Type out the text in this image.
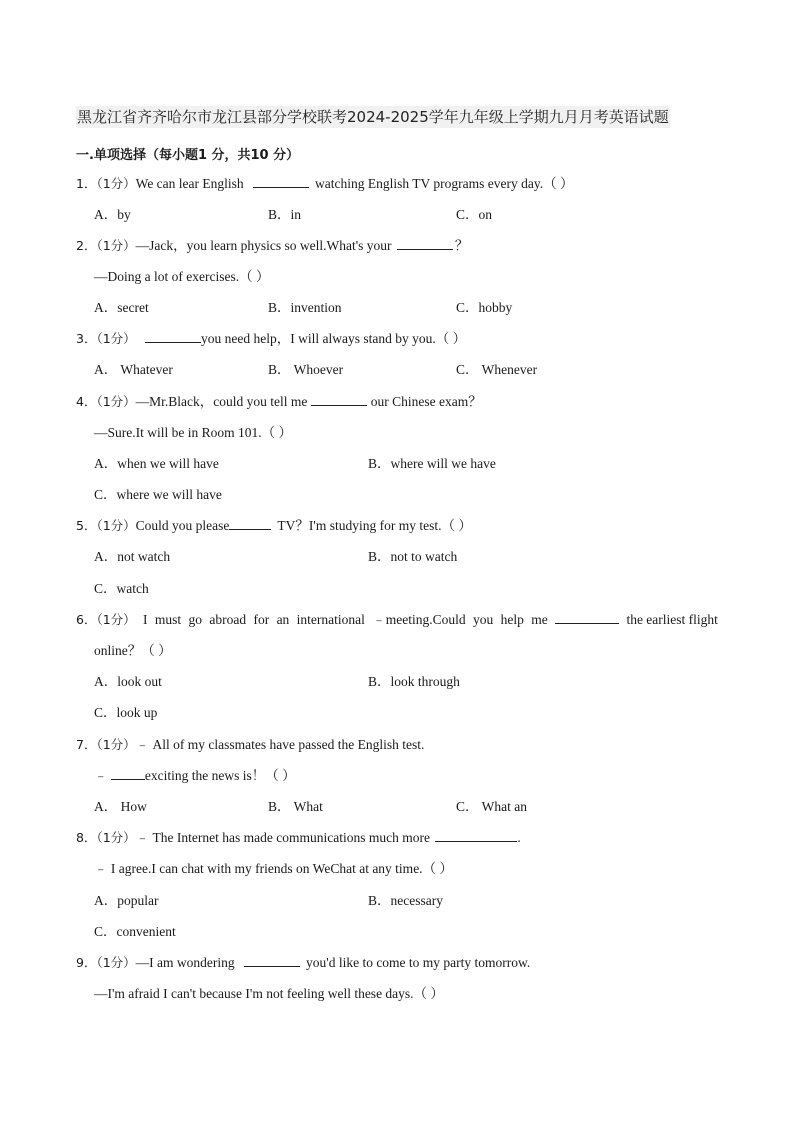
黑龙江省齐齐哈尔市龙江县部分学校联考2024-2025学年九年级上学期九月月考英语试题
一.单项选择（每小题1 分，共10 分）
1．（1分）We can lear English	watching English TV programs every day.（ ）
A．by	B．in	C．on
2．（1分）—Jack，you learn physics so well.What's your	？
—Doing a lot of exercises.（ ）
A．secret	B．invention	C．hobby
3．（1分）	you need help，I will always stand by you.（ ）
A． Whatever	B． Whoever	C． Whenever
4．（1分）—Mr.Black，could you tell me	our Chinese exam？
—Sure.It will be in Room 101.（ ）
A．when we will have	B．where will we have
C．where we will have
5．（1分）Could you please	TV？I'm studying for my test.（ ）
A．not watch	B．not to watch
C．watch
6．（1分） I must go abroad for an international ﹣meeting.Could you help me	the earliest flight
online？（ ）
A．look out	B．look through
C．look up
7．（1分）﹣ All of my classmates have passed the English test.
﹣	exciting the news is！（ ）
A． How	B． What	C． What an
8．（1分）﹣ The Internet has made communications much more	.
﹣ I agree.I can chat with my friends on WeChat at any time.（ ）
A．popular	B．necessary
C．convenient
9．（1分）—I am wondering	you'd like to come to my party tomorrow.
—I'm afraid I can't because I'm not feeling well these days.（ ）
